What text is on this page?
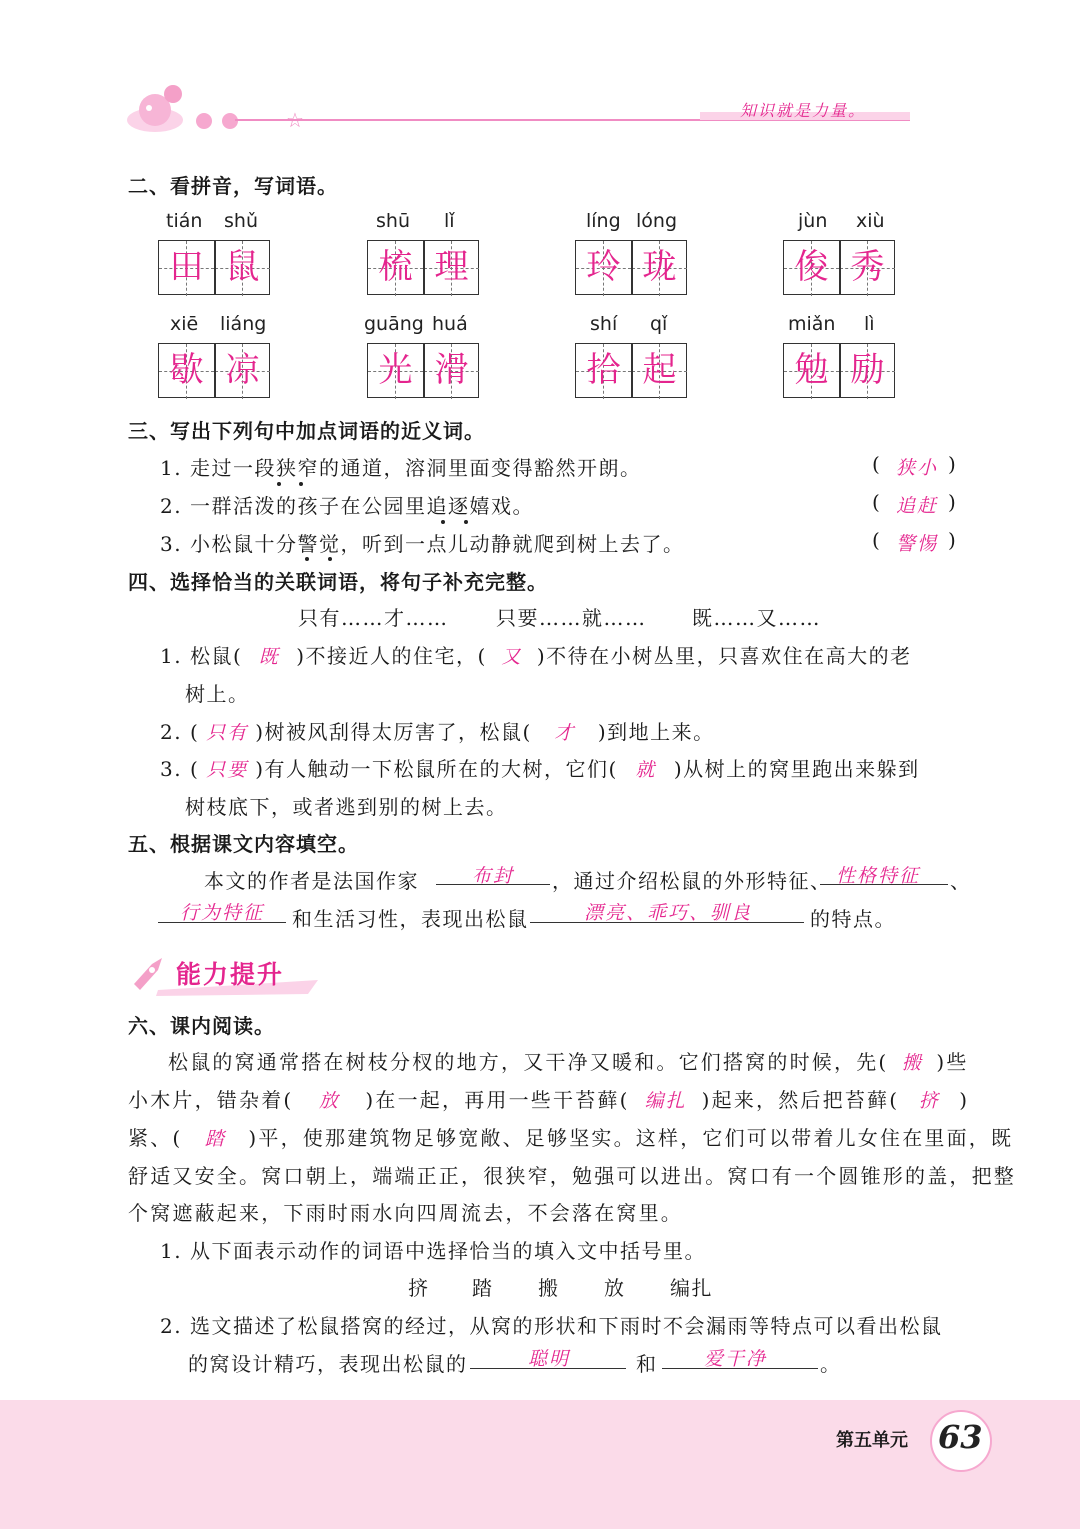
☆	知识就是力量。
二、看拼音，写词语。
tián shǔ
田 鼠
shū lǐ
梳 理
líng lóng
玲 珑
jùn xiù
俊 秀
xiē liáng
歇 凉
guāng huá
光 滑
shí qǐ
拾 起
miǎn lì
勉 励
三、写出下列句中加点词语的近义词。
1. 走过一段狭窄的通道，溶洞里面变得豁然开朗。	( 狭小 )
2. 一群活泼的孩子在公园里追逐嬉戏。	( 追赶 )
3. 小松鼠十分警觉，听到一点儿动静就爬到树上去了。	( 警惕 )
四、选择恰当的关联词语，将句子补充完整。
只有……才…… 只要……就…… 既……又……
1. 松鼠( 既 )不接近人的住宅，( 又 )不待在小树丛里，只喜欢住在高大的老
树上。
2. ( 只有 )树被风刮得太厉害了，松鼠( 才 )到地上来。
3. ( 只要 )有人触动一下松鼠所在的大树，它们( 就 )从树上的窝里跑出来躲到
树枝底下，或者逃到别的树上去。
五、根据课文内容填空。
本文的作者是法国作家	布封 ，通过介绍松鼠的外形特征、 性格特征 、
行为特征 和生活习性，表现出松鼠	漂亮、乖巧、驯良	的特点。
能力提升
六、课内阅读。
松鼠的窝通常搭在树枝分杈的地方，又干净又暖和。它们搭窝的时候，先( 搬 )些
小木片，错杂着( 放 )在一起，再用一些干苔藓( 编扎 )起来，然后把苔藓( 挤 )
紧、( 踏 )平，使那建筑物足够宽敞、足够坚实。这样，它们可以带着儿女住在里面，既
舒适又安全。窝口朝上，端端正正，很狭窄，勉强可以进出。窝口有一个圆锥形的盖，把整
个窝遮蔽起来，下雨时雨水向四周流去，不会落在窝里。
1. 从下面表示动作的词语中选择恰当的填入文中括号里。
挤 踏 搬 放 编扎
2. 选文描述了松鼠搭窝的经过，从窝的形状和下雨时不会漏雨等特点可以看出松鼠
的窝设计精巧，表现出松鼠的	聪明	和 爱干净	。
第五单元 63
